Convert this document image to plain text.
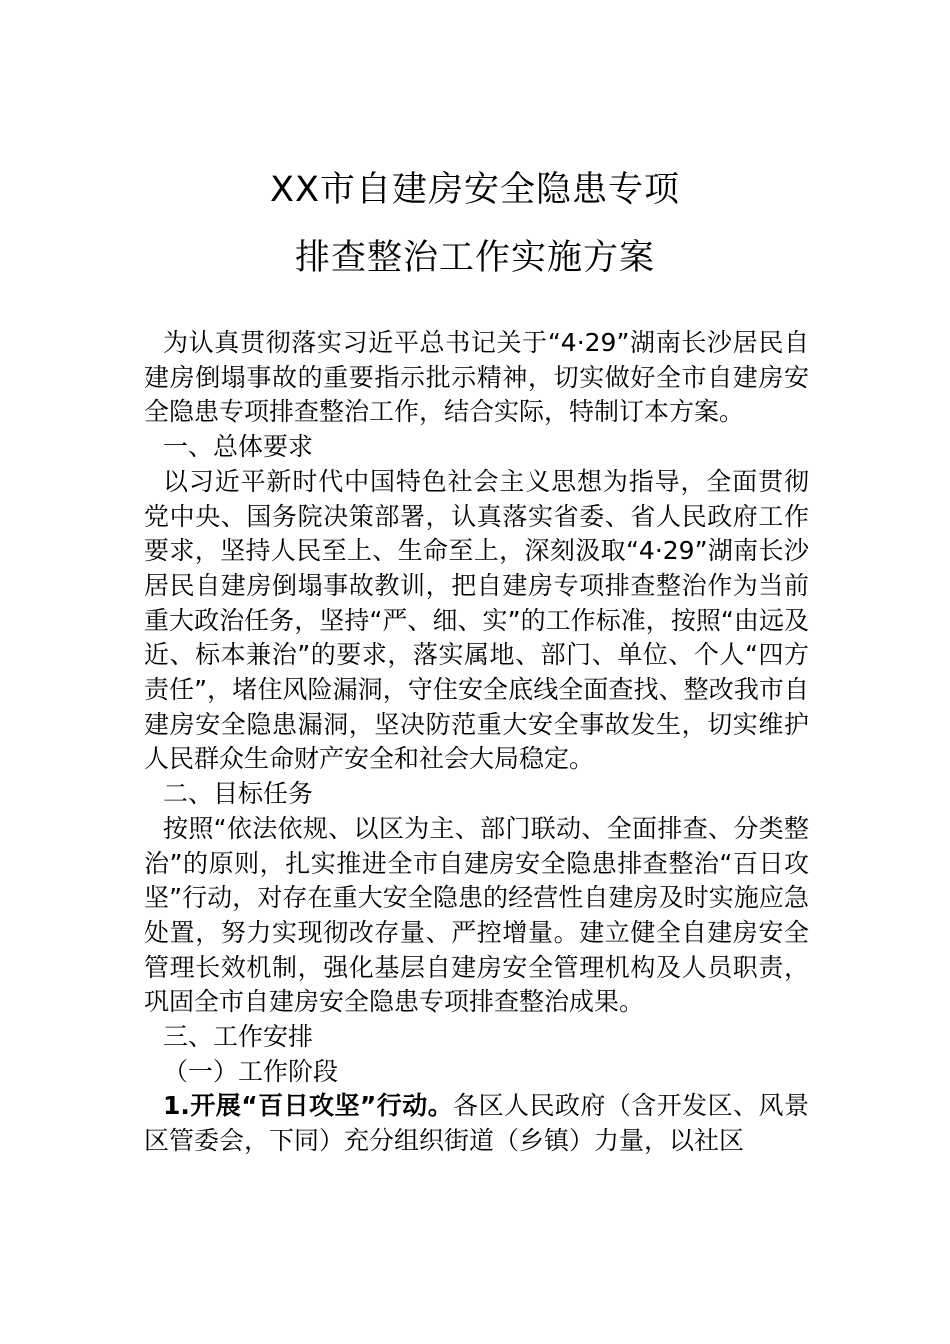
XX市自建房安全隐患专项
排查整治工作实施方案

为认真贯彻落实习近平总书记关于“4·29”湖南长沙居民自建房倒塌事故的重要指示批示精神，切实做好全市自建房安全隐患专项排查整治工作，结合实际，特制订本方案。

一、总体要求

以习近平新时代中国特色社会主义思想为指导，全面贯彻党中央、国务院决策部署，认真落实省委、省人民政府工作要求，坚持人民至上、生命至上，深刻汲取“4·29”湖南长沙居民自建房倒塌事故教训，把自建房专项排查整治作为当前重大政治任务，坚持“严、细、实”的工作标准，按照“由远及近、标本兼治”的要求，落实属地、部门、单位、个人“四方责任”，堵住风险漏洞，守住安全底线全面查找、整改我市自建房安全隐患漏洞，坚决防范重大安全事故发生，切实维护人民群众生命财产安全和社会大局稳定。

二、目标任务

按照“依法依规、以区为主、部门联动、全面排查、分类整治”的原则，扎实推进全市自建房安全隐患排查整治“百日攻坚”行动，对存在重大安全隐患的经营性自建房及时实施应急处置，努力实现彻改存量、严控增量。建立健全自建房安全管理长效机制，强化基层自建房安全管理机构及人员职责，巩固全市自建房安全隐患专项排查整治成果。

三、工作安排

（一）工作阶段

1.开展“百日攻坚”行动。各区人民政府（含开发区、风景区管委会，下同）充分组织街道（乡镇）力量，以社区
